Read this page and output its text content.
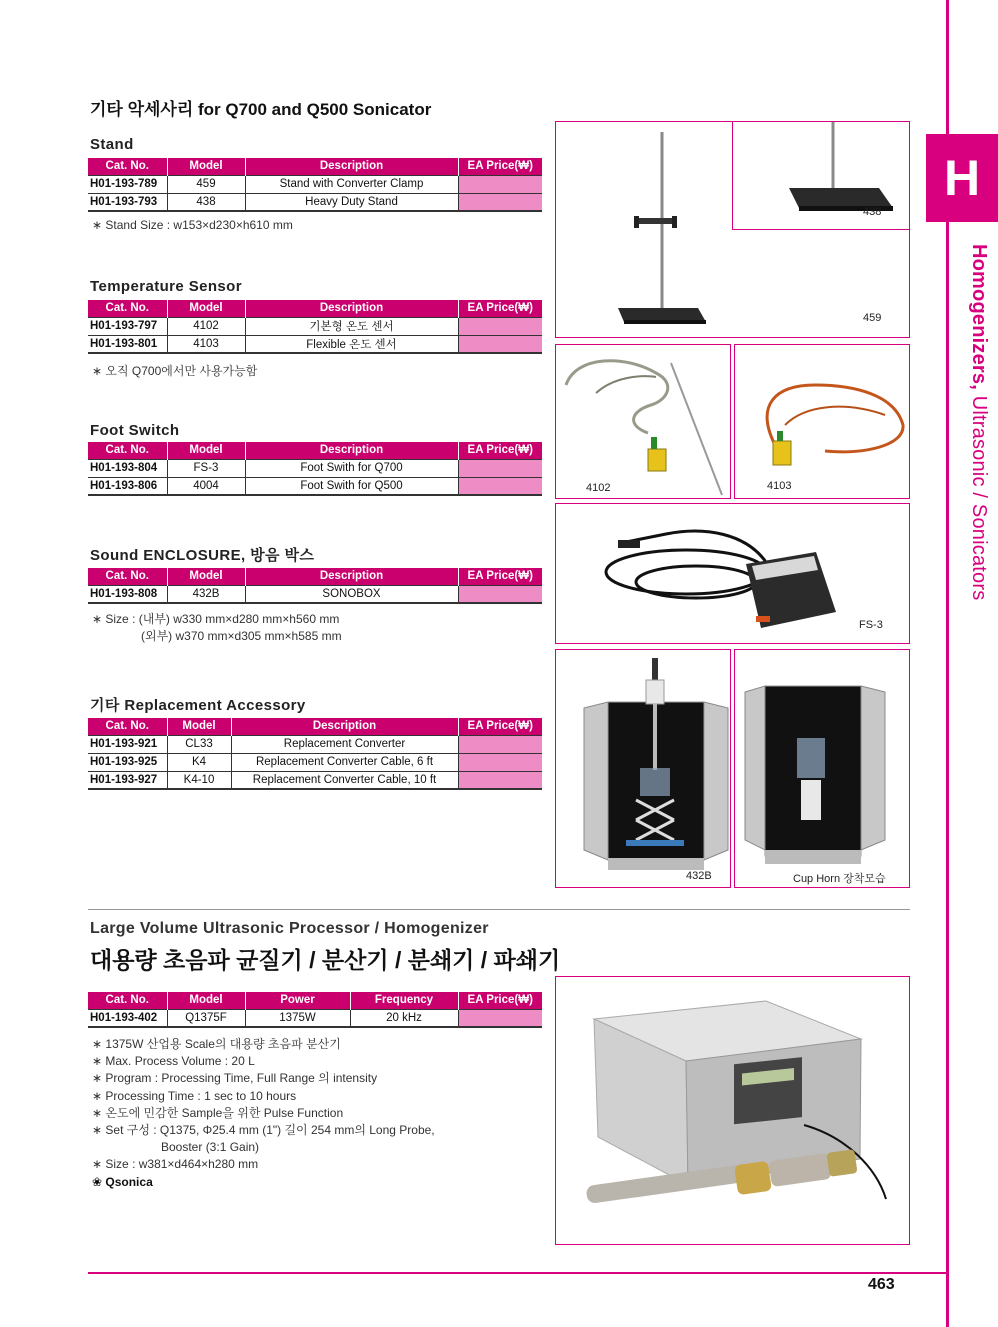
H
Homogenizers, Ultrasonic / Sonicators
기타 악세사리 for Q700 and Q500 Sonicator
Stand
Cat. No.	Model	Description	EA Price(₩)
H01-193-789	459	Stand with Converter Clamp	
H01-193-793	438	Heavy Duty Stand	
∗ Stand Size : w153×d230×h610 mm
Temperature Sensor
Cat. No.	Model	Description	EA Price(₩)
H01-193-797	4102	기본형 온도 센서	
H01-193-801	4103	Flexible 온도 센서	
∗ 오직 Q700에서만 사용가능함
Foot Switch
Cat. No.	Model	Description	EA Price(₩)
H01-193-804	FS-3	Foot Swith for Q700	
H01-193-806	4004	Foot Swith for Q500	
Sound ENCLOSURE, 방음 박스
Cat. No.	Model	Description	EA Price(₩)
H01-193-808	432B	SONOBOX	
∗ Size : (내부) w330 mm×d280 mm×h560 mm
(외부) w370 mm×d305 mm×h585 mm
기타 Replacement Accessory
Cat. No.	Model	Description	EA Price(₩)
H01-193-921	CL33	Replacement Converter	
H01-193-925	K4	Replacement Converter Cable, 6 ft	
H01-193-927	K4-10	Replacement Converter Cable, 10 ft	
459
438
4102	4103
FS-3
432B	Cup Horn 장착모습
Large Volume Ultrasonic Processor / Homogenizer
대용량 초음파 균질기 / 분산기 / 분쇄기 / 파쇄기
Cat. No.	Model	Power	Frequency	EA Price(₩)
H01-193-402	Q1375F	1375W	20 kHz	
∗ 1375W 산업용 Scale의 대용량 초음파 분산기
∗ Max. Process Volume : 20 L
∗ Program : Processing Time, Full Range 의 intensity
∗ Processing Time : 1 sec to 10 hours
∗ 온도에 민감한 Sample을 위한 Pulse Function
∗ Set 구성 : Q1375, Φ25.4 mm (1") 길이 254 mm의 Long Probe,
Booster (3:1 Gain)
∗ Size : w381×d464×h280 mm
❀ Qsonica
463
